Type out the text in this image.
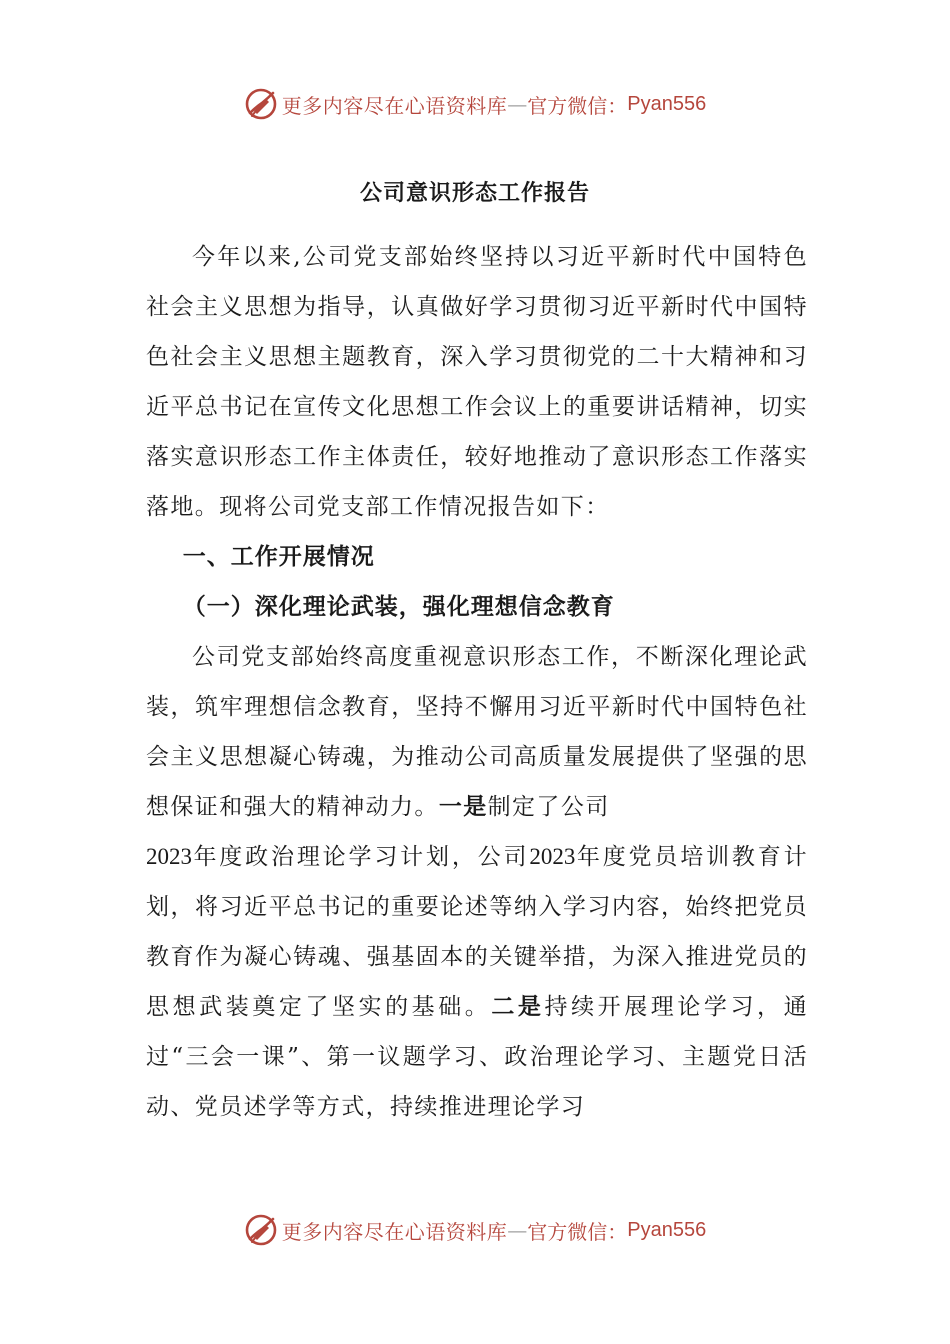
更多内容尽在心语资料库 — 官方微信： Pyan556
公司意识形态工作报告

今年以来,公司党支部始终坚持以习近平新时代中国特色社会主义思想为指导，认真做好学习贯彻习近平新时代中国特色社会主义思想主题教育，深入学习贯彻党的二十大精神和习近平总书记在宣传文化思想工作会议上的重要讲话精神，切实落实意识形态工作主体责任，较好地推动了意识形态工作落实落地。现将公司党支部工作情况报告如下：

一、工作开展情况

（一）深化理论武装，强化理想信念教育

公司党支部始终高度重视意识形态工作，不断深化理论武装，筑牢理想信念教育，坚持不懈用习近平新时代中国特色社会主义思想凝心铸魂，为推动公司高质量发展提供了坚强的思想保证和强大的精神动力。一是制定了公司
2023年度政治理论学习计划，公司2023年度党员培训教育计划，将习近平总书记的重要论述等纳入学习内容，始终把党员教育作为凝心铸魂、强基固本的关键举措，为深入推进党员的思想武装奠定了坚实的基础。二是持续开展理论学习，通过“三会一课”、第一议题学习、政治理论学习、主题党日活动、党员述学等方式，持续推进理论学习

更多内容尽在心语资料库 — 官方微信： Pyan556
